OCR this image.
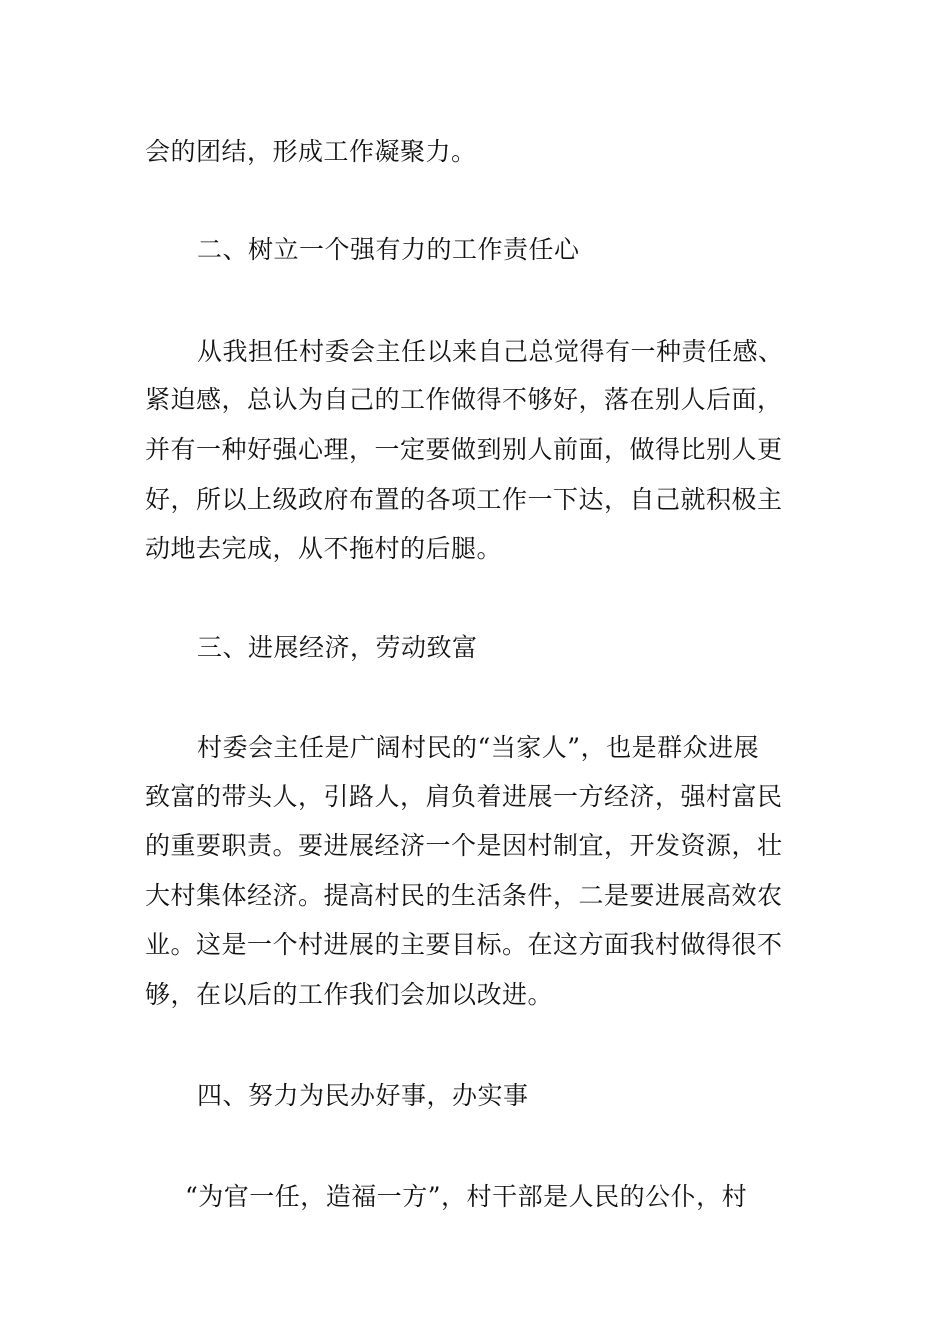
会的团结，形成工作凝聚力。
二、树立一个强有力的工作责任心
从我担任村委会主任以来自己总觉得有一种责任感、
紧迫感，总认为自己的工作做得不够好，落在别人后面，
并有一种好强心理，一定要做到别人前面，做得比别人更
好，所以上级政府布置的各项工作一下达，自己就积极主
动地去完成，从不拖村的后腿。
三、进展经济，劳动致富
村委会主任是广阔村民的“当家人”，也是群众进展
致富的带头人，引路人，肩负着进展一方经济，强村富民
的重要职责。要进展经济一个是因村制宜，开发资源，壮
大村集体经济。提高村民的生活条件，二是要进展高效农
业。这是一个村进展的主要目标。在这方面我村做得很不
够，在以后的工作我们会加以改进。
四、努力为民办好事，办实事
“为官一任，造福一方”，村干部是人民的公仆，村
